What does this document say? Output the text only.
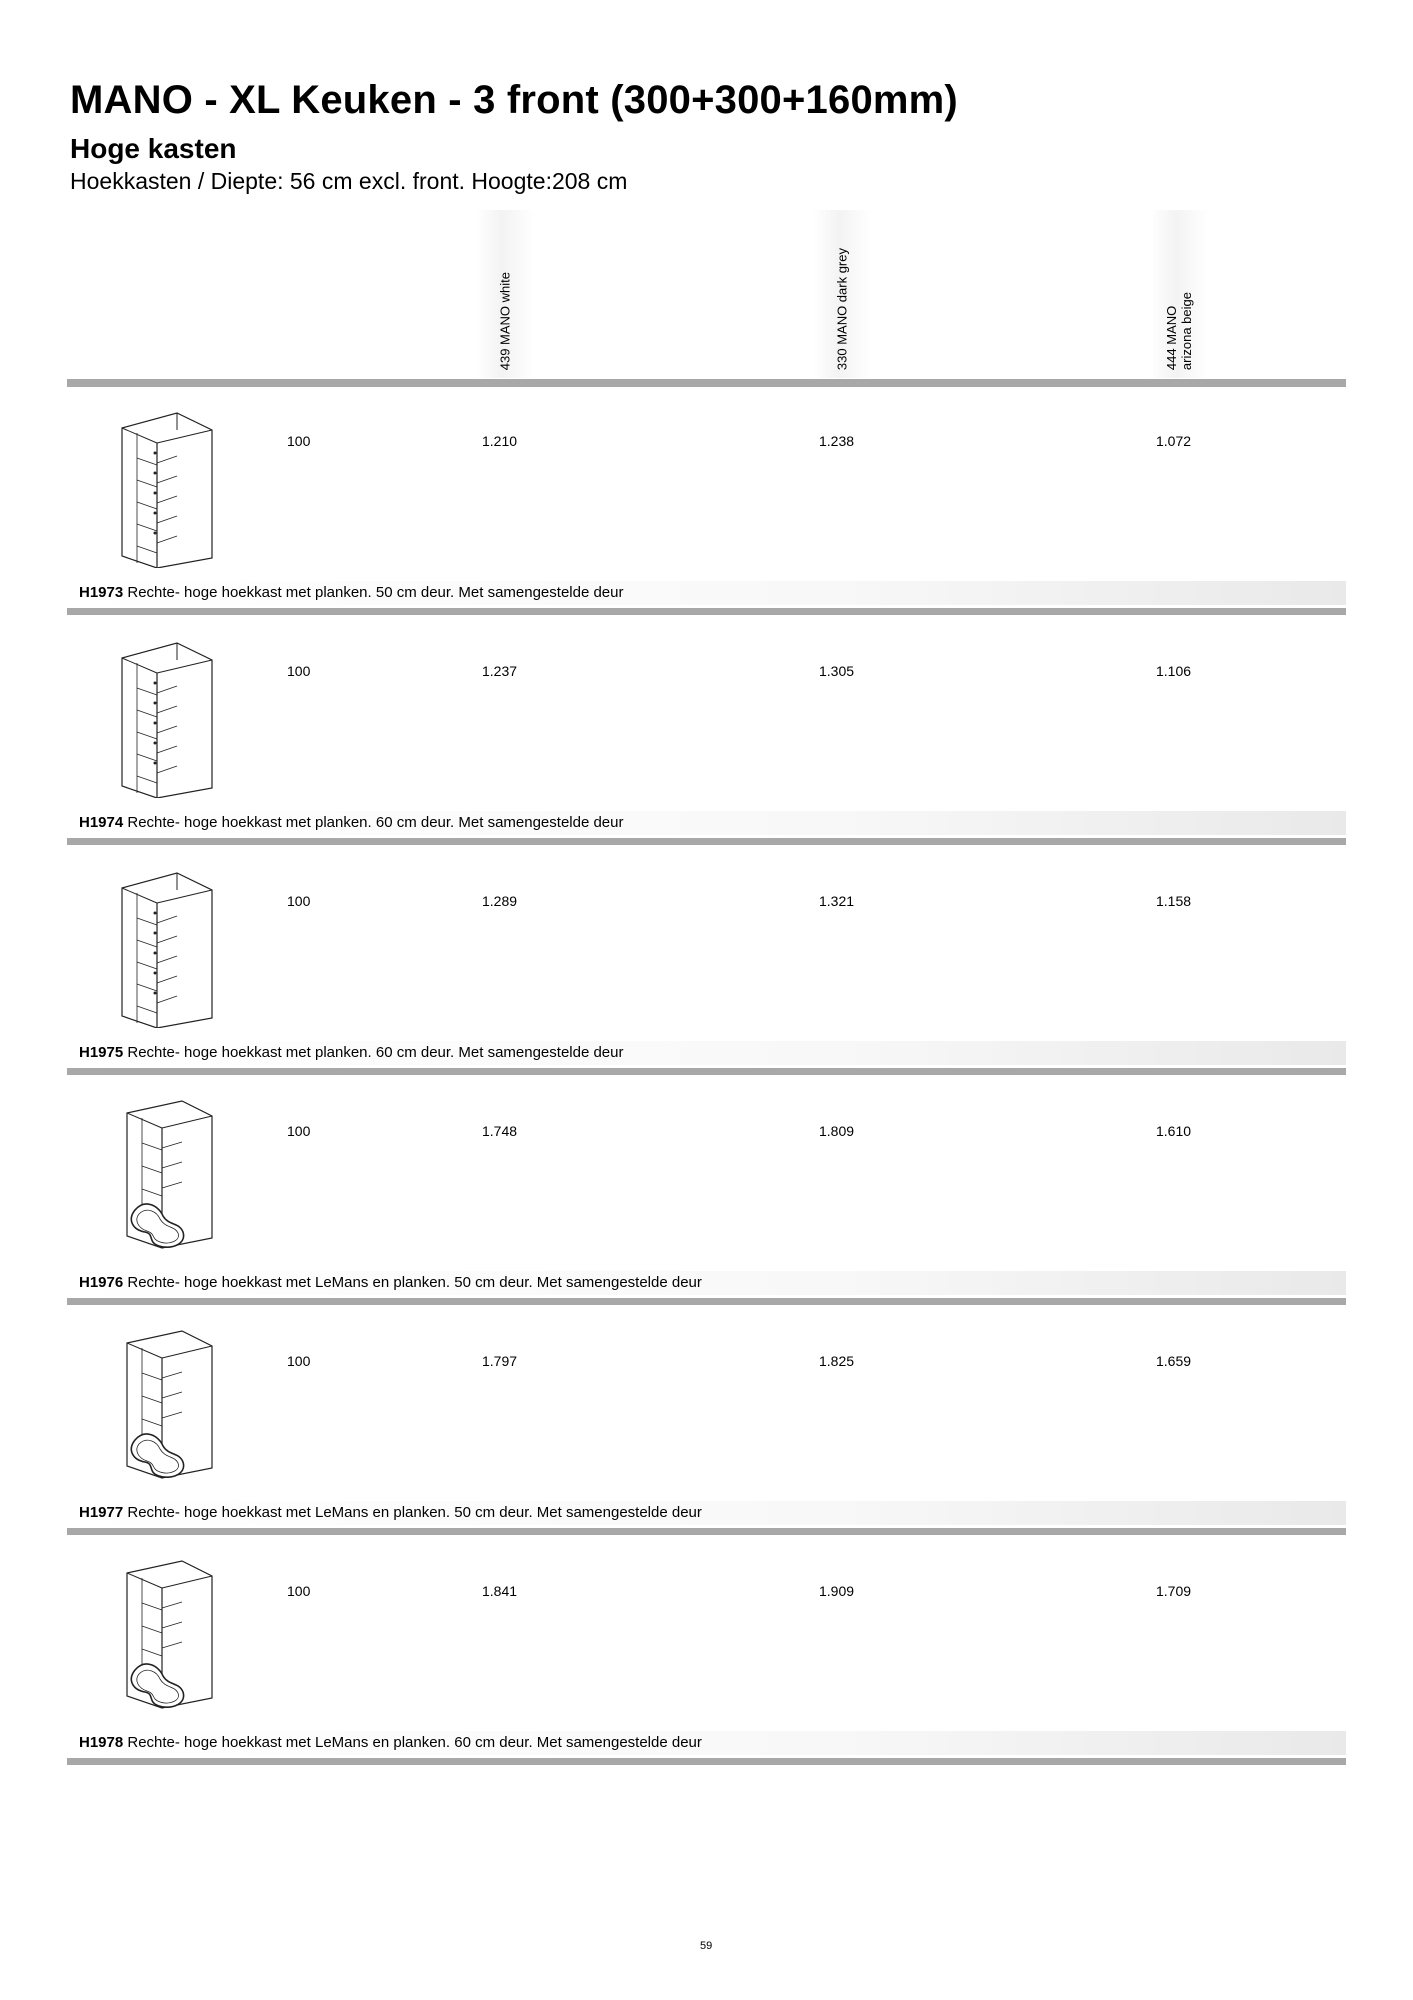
MANO - XL Keuken - 3 front (300+300+160mm)
Hoge kasten
Hoekkasten / Diepte: 56 cm excl. front. Hoogte:208 cm
439 MANO white	330 MANO dark grey	444 MANO
arizona beige
100	1.210	1.238	1.072
H1973 Rechte- hoge hoekkast met planken. 50 cm deur. Met samengestelde deur
100	1.237	1.305	1.106
H1974 Rechte- hoge hoekkast met planken. 60 cm deur. Met samengestelde deur
100	1.289	1.321	1.158
H1975 Rechte- hoge hoekkast met planken. 60 cm deur. Met samengestelde deur
100	1.748	1.809	1.610
H1976 Rechte- hoge hoekkast met LeMans en planken. 50 cm deur. Met samengestelde deur
100	1.797	1.825	1.659
H1977 Rechte- hoge hoekkast met LeMans en planken. 50 cm deur. Met samengestelde deur
100	1.841	1.909	1.709
H1978 Rechte- hoge hoekkast met LeMans en planken. 60 cm deur. Met samengestelde deur
59
